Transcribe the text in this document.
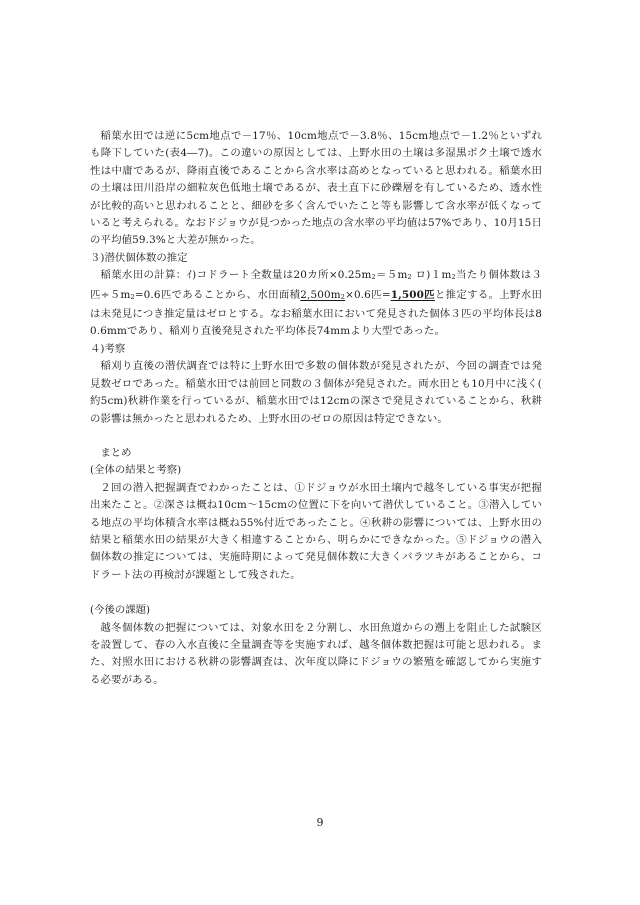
稲葉水田では逆に5cm地点で－17％、10cm地点で－3.8％、15cm地点で－1.2％といずれも降下していた(表4―7)。この違いの原因としては、上野水田の土壌は多湿黒ボク土壌で透水性は中庸であるが、降雨直後であることから含水率は高めとなっていると思われる。稲葉水田の土壌は田川沿岸の細粒灰色低地土壌であるが、表土直下に砂礫層を有しているため、透水性が比較的高いと思われることと、細砂を多く含んでいたこと等も影響して含水率が低くなっていると考えられる。なおドジョウが見つかった地点の含水率の平均値は57%であり、10月15日の平均値59.3%と大差が無かった。

３)潜伏個体数の推定

稲葉水田の計算：ｲ)コドラート全数量は20カ所$\times 0.25m^2=5m_2$ ロ)$1m_2$当たり個体数は３匹$\div 5m_2=0.6$匹であることから、水田面積$2,500m_2\times 0.6$匹=1,500匹と推定する。上野水田は未発見につき推定量はゼロとする。なお稲葉水田において発見された個体３匹の平均体長は80.6mmであり、稲刈り直後発見された平均体長74mmより大型であった。

４)考察

稲刈り直後の潜伏調査では特に上野水田で多数の個体数が発見されたが、今回の調査では発見数ゼロであった。稲葉水田では前回と同数の３個体が発見された。両水田とも10月中に浅く(約5cm)秋耕作業を行っているが、稲葉水田では12cmの深さで発見されていることから、秋耕の影響は無かったと思われるため、上野水田のゼロの原因は特定できない。

まとめ

(全体の結果と考察)

２回の潜入把握調査でわかったことは、①ドジョウが水田土壌内で越冬している事実が把握出来たこと。②深さは概ね10cm～15cmの位置に下を向いて潜伏していること。③潜入している地点の平均体積含水率は概ね55%付近であったこと。④秋耕の影響については、上野水田の結果と稲葉水田の結果が大きく相違することから、明らかにできなかった。⑤ドジョウの潜入個体数の推定については、実施時期によって発見個体数に大きくバラツキがあることから、コドラート法の再検討が課題として残された。

(今後の課題)

越冬個体数の把握については、対象水田を２分割し、水田魚道からの遡上を阻止した試験区を設置して、春の入水直後に全量調査等を実施すれば、越冬個体数把握は可能と思われる。また、対照水田における秋耕の影響調査は、次年度以降にドジョウの繁殖を確認してから実施する必要がある。

9
